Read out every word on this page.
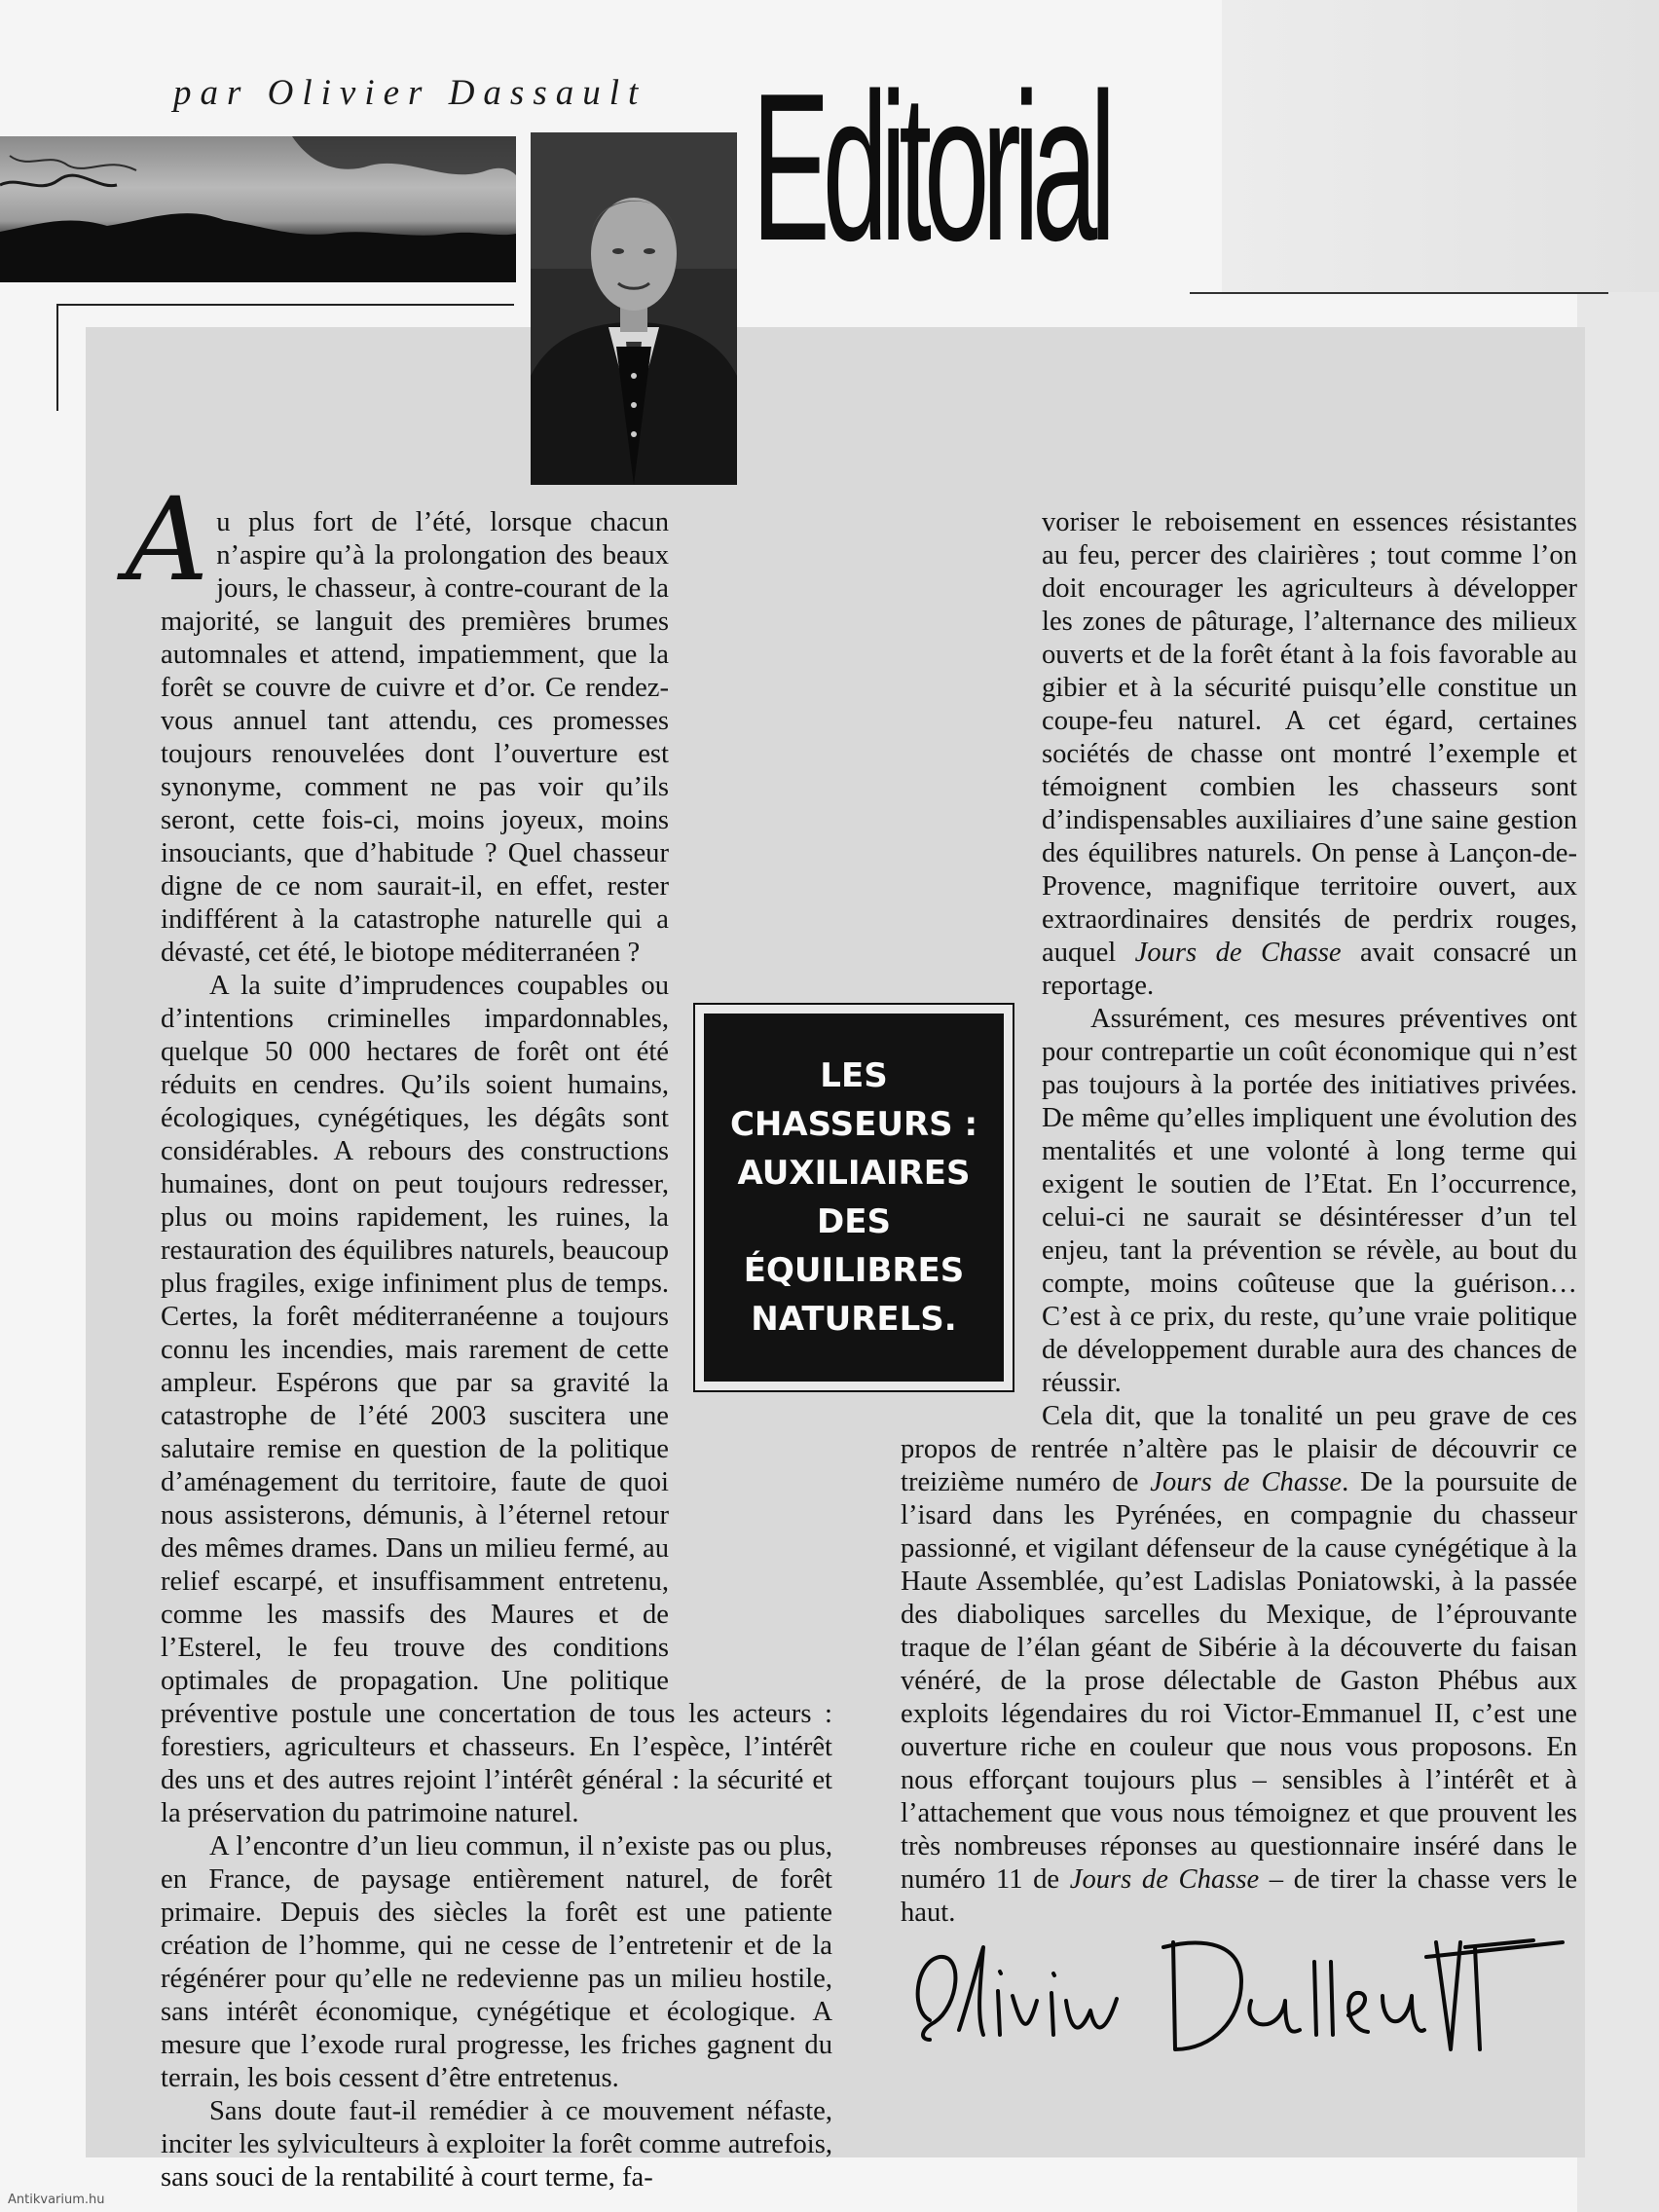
par Olivier Dassault Editorial

Au plus fort de l’été, lorsque chacun n’aspire qu’à la prolongation des beaux jours, le chasseur, à contre-courant de la majorité, se languit des premières brumes automnales et attend, impatiemment, que la forêt se couvre de cuivre et d’or. Ce rendez-vous annuel tant attendu, ces promesses toujours renouvelées dont l’ouverture est synonyme, comment ne pas voir qu’ils seront, cette fois-ci, moins joyeux, moins insouciants, que d’habitude ? Quel chasseur digne de ce nom saurait-il, en effet, rester indifférent à la catastrophe naturelle qui a dévasté, cet été, le biotope méditerranéen ?

A la suite d’imprudences coupables ou d’intentions criminelles impardonnables, quelque 50 000 hectares de forêt ont été réduits en cendres. Qu’ils soient humains, écologiques, cynégétiques, les dégâts sont considérables. A rebours des constructions humaines, dont on peut toujours redresser, plus ou moins rapidement, les ruines, la restauration des équilibres naturels, beaucoup plus fragiles, exige infiniment plus de temps. Certes, la forêt méditerranéenne a toujours connu les incendies, mais rarement de cette ampleur. Espérons que par sa gravité la catastrophe de l’été 2003 suscitera une salutaire remise en question de la politique d’aménagement du territoire, faute de quoi nous assisterons, démunis, à l’éternel retour des mêmes drames. Dans un milieu fermé, au relief escarpé, et insuffisamment entretenu, comme les massifs des Maures et de l’Esterel, le feu trouve des conditions optimales de propagation. Une politique préventive postule une concertation de tous les acteurs : forestiers, agriculteurs et chasseurs. En l’espèce, l’intérêt des uns et des autres rejoint l’intérêt général : la sécurité et la préservation du patrimoine naturel.

A l’encontre d’un lieu commun, il n’existe pas ou plus, en France, de paysage entièrement naturel, de forêt primaire. Depuis des siècles la forêt est une patiente création de l’homme, qui ne cesse de l’entretenir et de la régénérer pour qu’elle ne redevienne pas un milieu hostile, sans intérêt économique, cynégétique et écologique. A mesure que l’exode rural progresse, les friches gagnent du terrain, les bois cessent d’être entretenus.

Sans doute faut-il remédier à ce mouvement néfaste, inciter les sylviculteurs à exploiter la forêt comme autrefois, sans souci de la rentabilité à court terme, fa-

voriser le reboisement en essences résistantes au feu, percer des clairières ; tout comme l’on doit encourager les agriculteurs à développer les zones de pâturage, l’alternance des milieux ouverts et de la forêt étant à la fois favorable au gibier et à la sécurité puisqu’elle constitue un coupe-feu naturel. A cet égard, certaines sociétés de chasse ont montré l’exemple et témoignent combien les chasseurs sont d’indispensables auxiliaires d’une saine gestion des équilibres naturels. On pense à Lançon-de-Provence, magnifique territoire ouvert, aux extraordinaires densités de perdrix rouges, auquel Jours de Chasse avait consacré un reportage.

Assurément, ces mesures préventives ont pour contrepartie un coût économique qui n’est pas toujours à la portée des initiatives privées. De même qu’elles impliquent une évolution des mentalités et une volonté à long terme qui exigent le soutien de l’Etat. En l’occurrence, celui-ci ne saurait se désintéresser d’un tel enjeu, tant la prévention se révèle, au bout du compte, moins coûteuse que la guérison… C’est à ce prix, du reste, qu’une vraie politique de développement durable aura des chances de réussir.

Cela dit, que la tonalité un peu grave de ces propos de rentrée n’altère pas le plaisir de découvrir ce treizième numéro de Jours de Chasse. De la poursuite de l’isard dans les Pyrénées, en compagnie du chasseur passionné, et vigilant défenseur de la cause cynégétique à la Haute Assemblée, qu’est Ladislas Poniatowski, à la passée des diaboliques sarcelles du Mexique, de l’éprouvante traque de l’élan géant de Sibérie à la découverte du faisan vénéré, de la prose délectable de Gaston Phébus aux exploits légendaires du roi Victor-Emmanuel II, c’est une ouverture riche en couleur que nous vous proposons. En nous efforçant toujours plus – sensibles à l’intérêt et à l’attachement que vous nous témoignez et que prouvent les très nombreuses réponses au questionnaire inséré dans le numéro 11 de Jours de Chasse – de tirer la chasse vers le haut.

LES
CHASSEURS :
AUXILIAIRES
DES
ÉQUILIBRES
NATURELS.
Antikvarium.hu
